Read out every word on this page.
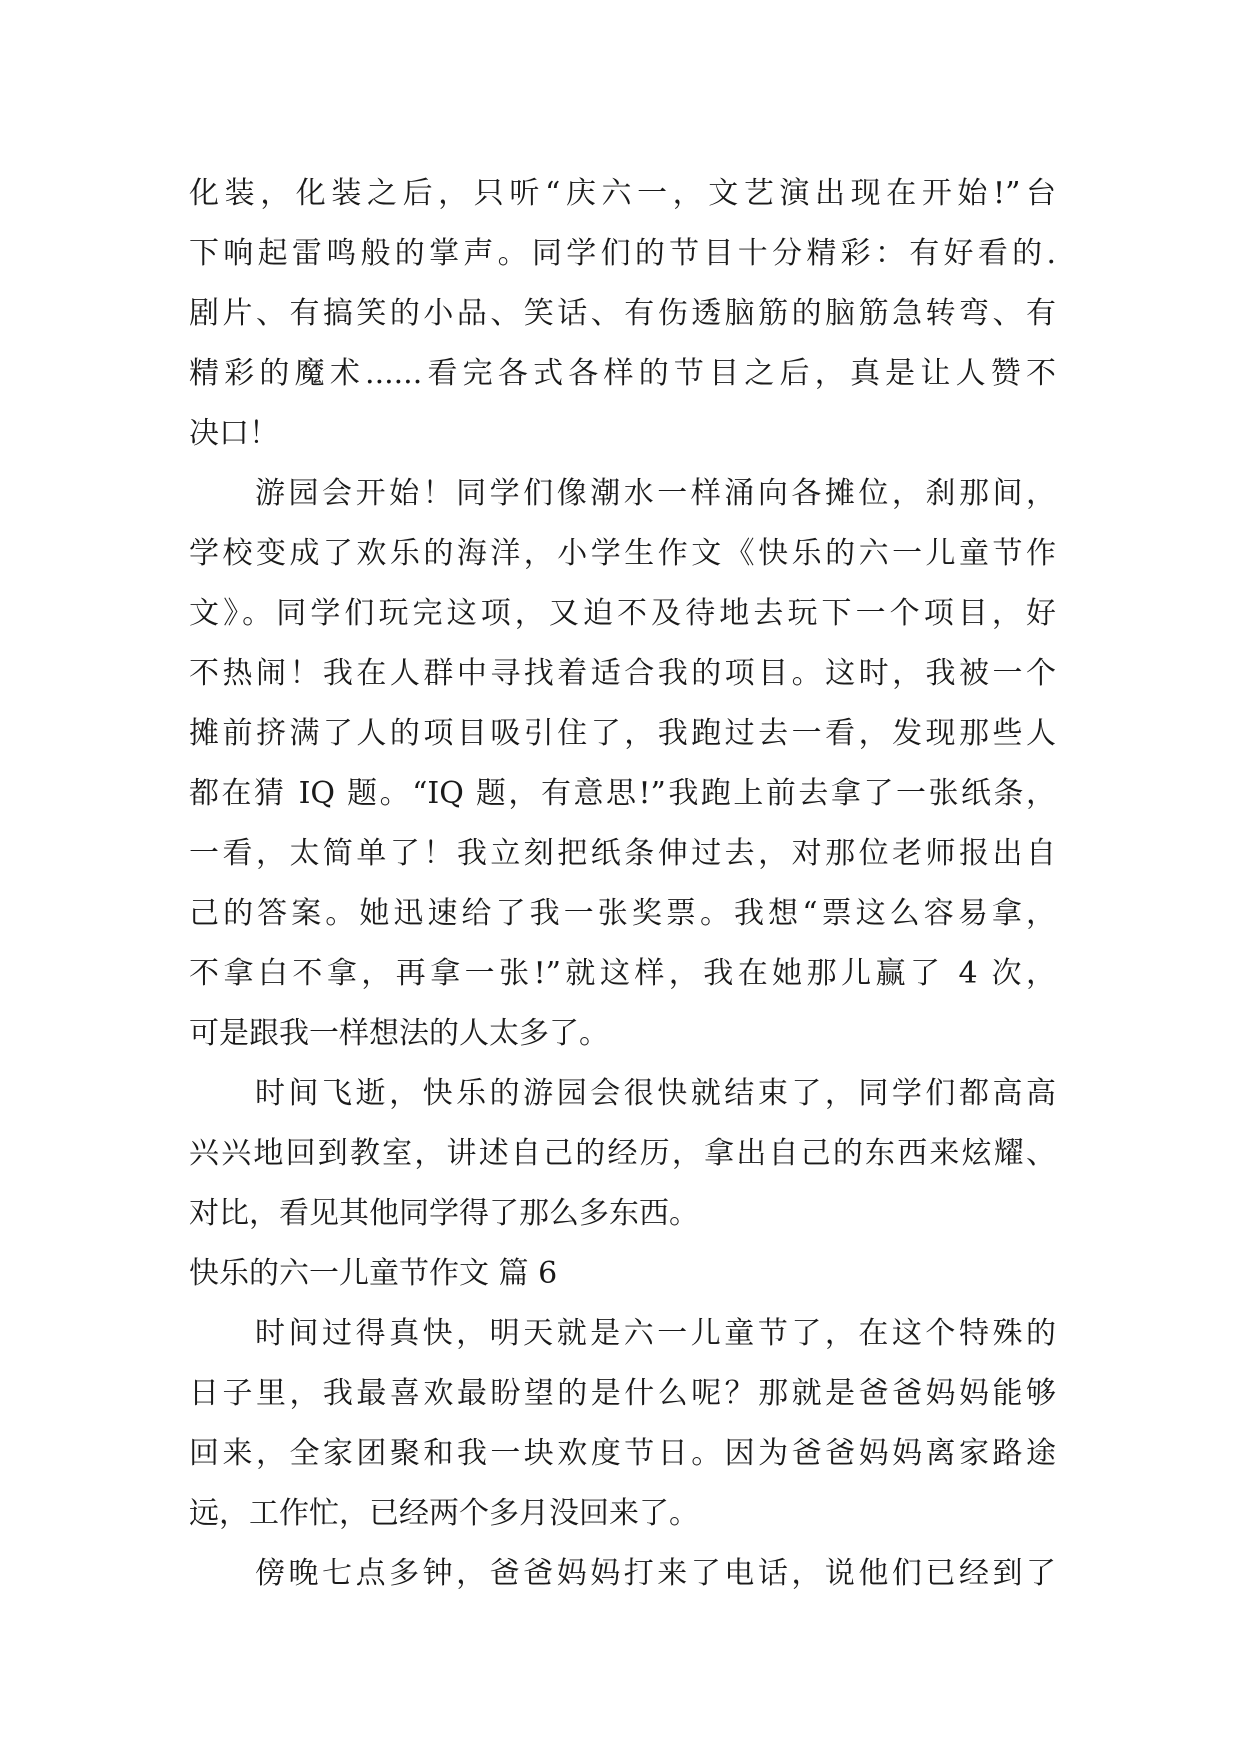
化装，化装之后，只听“庆六一，文艺演出现在开始!”台
下响起雷鸣般的掌声。同学们的节目十分精彩：有好看的.
剧片、有搞笑的小品、笑话、有伤透脑筋的脑筋急转弯、有
精彩的魔术......看完各式各样的节目之后，真是让人赞不
决口！
游园会开始！同学们像潮水一样涌向各摊位，刹那间，
学校变成了欢乐的海洋，小学生作文《快乐的六一儿童节作
文》。同学们玩完这项，又迫不及待地去玩下一个项目，好
不热闹！我在人群中寻找着适合我的项目。这时，我被一个
摊前挤满了人的项目吸引住了，我跑过去一看，发现那些人
都在猜 IQ 题。“IQ 题，有意思!”我跑上前去拿了一张纸条，
一看，太简单了！我立刻把纸条伸过去，对那位老师报出自
己的答案。她迅速给了我一张奖票。我想“票这么容易拿，
不拿白不拿，再拿一张!”就这样，我在她那儿赢了 4 次，
可是跟我一样想法的人太多了。
时间飞逝，快乐的游园会很快就结束了，同学们都高高
兴兴地回到教室，讲述自己的经历，拿出自己的东西来炫耀、
对比，看见其他同学得了那么多东西。
快乐的六一儿童节作文 篇 6
时间过得真快，明天就是六一儿童节了，在这个特殊的
日子里，我最喜欢最盼望的是什么呢？那就是爸爸妈妈能够
回来，全家团聚和我一块欢度节日。因为爸爸妈妈离家路途
远，工作忙，已经两个多月没回来了。
傍晚七点多钟，爸爸妈妈打来了电话，说他们已经到了
